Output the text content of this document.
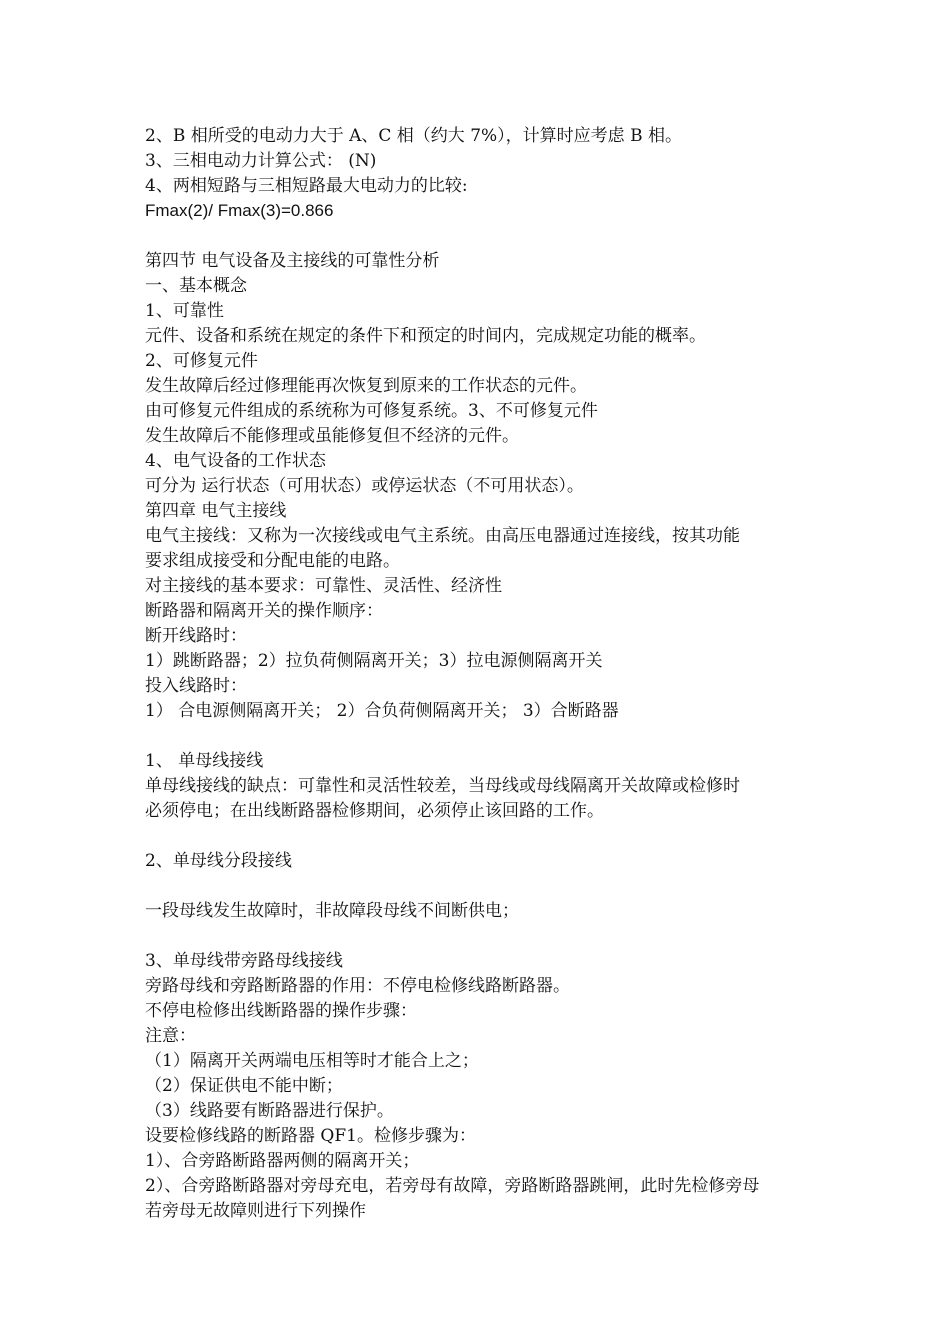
2、B 相所受的电动力大于 A、C 相（约大 7%），计算时应考虑 B 相。
3、三相电动力计算公式： (N)
4、两相短路与三相短路最大电动力的比较:
Fmax(2)/ Fmax(3)=0.866
第四节 电气设备及主接线的可靠性分析
一、基本概念
1、可靠性
元件、设备和系统在规定的条件下和预定的时间内，完成规定功能的概率。
2、可修复元件
发生故障后经过修理能再次恢复到原来的工作状态的元件。
由可修复元件组成的系统称为可修复系统。3、不可修复元件
发生故障后不能修理或虽能修复但不经济的元件。
4、电气设备的工作状态
可分为 运行状态（可用状态）或停运状态（不可用状态）。
第四章 电气主接线
电气主接线：又称为一次接线或电气主系统。由高压电器通过连接线，按其功能
要求组成接受和分配电能的电路。
对主接线的基本要求：可靠性、灵活性、经济性
断路器和隔离开关的操作顺序：
断开线路时：
1）跳断路器；2）拉负荷侧隔离开关；3）拉电源侧隔离开关
投入线路时：
1） 合电源侧隔离开关； 2）合负荷侧隔离开关； 3）合断路器
1、 单母线接线
单母线接线的缺点：可靠性和灵活性较差，当母线或母线隔离开关故障或检修时
必须停电；在出线断路器检修期间，必须停止该回路的工作。
2、单母线分段接线
一段母线发生故障时，非故障段母线不间断供电；
3、单母线带旁路母线接线
旁路母线和旁路断路器的作用：不停电检修线路断路器。
不停电检修出线断路器的操作步骤：
注意：
（1）隔离开关两端电压相等时才能合上之；
（2）保证供电不能中断；
（3）线路要有断路器进行保护。
设要检修线路的断路器 QF1。检修步骤为：
1）、合旁路断路器两侧的隔离开关；
2）、合旁路断路器对旁母充电，若旁母有故障，旁路断路器跳闸，此时先检修旁母
若旁母无故障则进行下列操作
